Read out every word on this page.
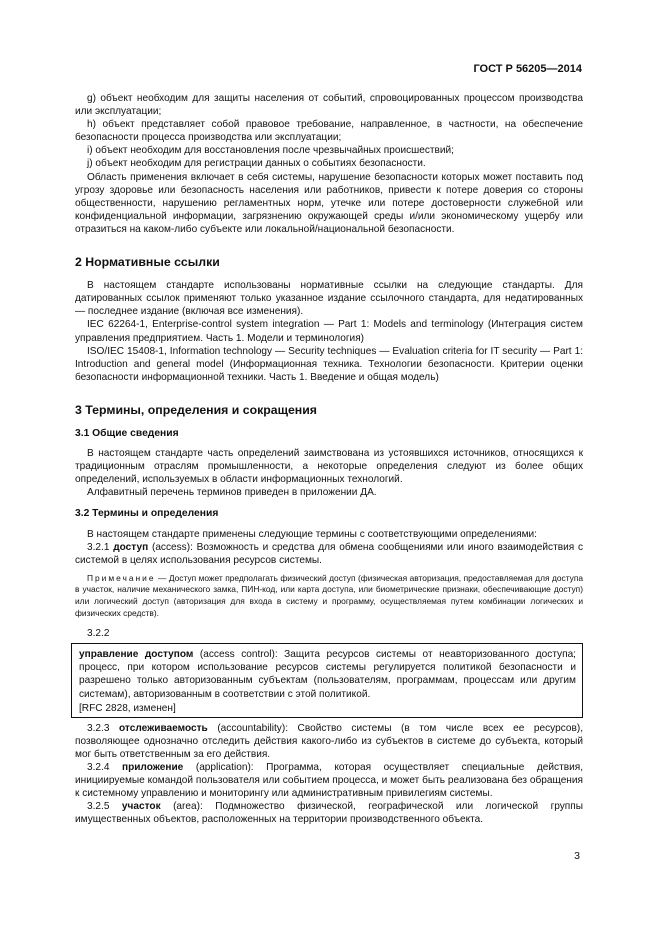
ГОСТ Р 56205—2014

g) объект необходим для защиты населения от событий, спровоцированных процессом производства или эксплуатации;

h) объект представляет собой правовое требование, направленное, в частности, на обеспечение безопасности процесса производства или эксплуатации;

i) объект необходим для восстановления после чрезвычайных происшествий;

j) объект необходим для регистрации данных о событиях безопасности.

Область применения включает в себя системы, нарушение безопасности которых может поставить под угрозу здоровье или безопасность населения или работников, привести к потере доверия со стороны общественности, нарушению регламентных норм, утечке или потере достоверности служебной или конфиденциальной информации, загрязнению окружающей среды и/или экономическому ущербу или отразиться на каком-либо субъекте или локальной/национальной безопасности.

2 Нормативные ссылки

В настоящем стандарте использованы нормативные ссылки на следующие стандарты. Для датированных ссылок применяют только указанное издание ссылочного стандарта, для недатированных — последнее издание (включая все изменения).

IEC 62264-1, Enterprise-control system integration — Part 1: Models and terminology (Интеграция систем управления предприятием. Часть 1. Модели и терминология)

ISO/IEC 15408-1, Information technology — Security techniques — Evaluation criteria for IT security — Part 1: Introduction and general model (Информационная техника. Технологии безопасности. Критерии оценки безопасности информационной техники. Часть 1. Введение и общая модель)

3 Термины, определения и сокращения

3.1 Общие сведения

В настоящем стандарте часть определений заимствована из устоявшихся источников, относящихся к традиционным отраслям промышленности, а некоторые определения следуют из более общих определений, используемых в области информационных технологий.

Алфавитный перечень терминов приведен в приложении ДА.

3.2 Термины и определения

В настоящем стандарте применены следующие термины с соответствующими определениями:

3.2.1 доступ (access): Возможность и средства для обмена сообщениями или иного взаимодействия с системой в целях использования ресурсов системы.

Примечание — Доступ может предполагать физический доступ (физическая авторизация, предоставляемая для доступа в участок, наличие механического замка, ПИН-код, или карта доступа, или биометрические признаки, обеспечивающие доступ) или логический доступ (авторизация для входа в систему и программу, осуществляемая путем комбинации логических и физических средств).

3.2.2

управление доступом (access control): Защита ресурсов системы от неавторизованного доступа; процесс, при котором использование ресурсов системы регулируется политикой безопасности и разрешено только авторизованным субъектам (пользователям, программам, процессам или другим системам), авторизованным в соответствии с этой политикой.

[RFC 2828, изменен]

3.2.3 отслеживаемость (accountability): Свойство системы (в том числе всех ее ресурсов), позволяющее однозначно отследить действия какого-либо из субъектов в системе до субъекта, который мог быть ответственным за его действия.

3.2.4 приложение (application): Программа, которая осуществляет специальные действия, инициируемые командой пользователя или событием процесса, и может быть реализована без обращения к системному управлению и мониторингу или административным привилегиям системы.

3.2.5 участок (area): Подмножество физической, географической или логической группы имущественных объектов, расположенных на территории производственного объекта.

3
